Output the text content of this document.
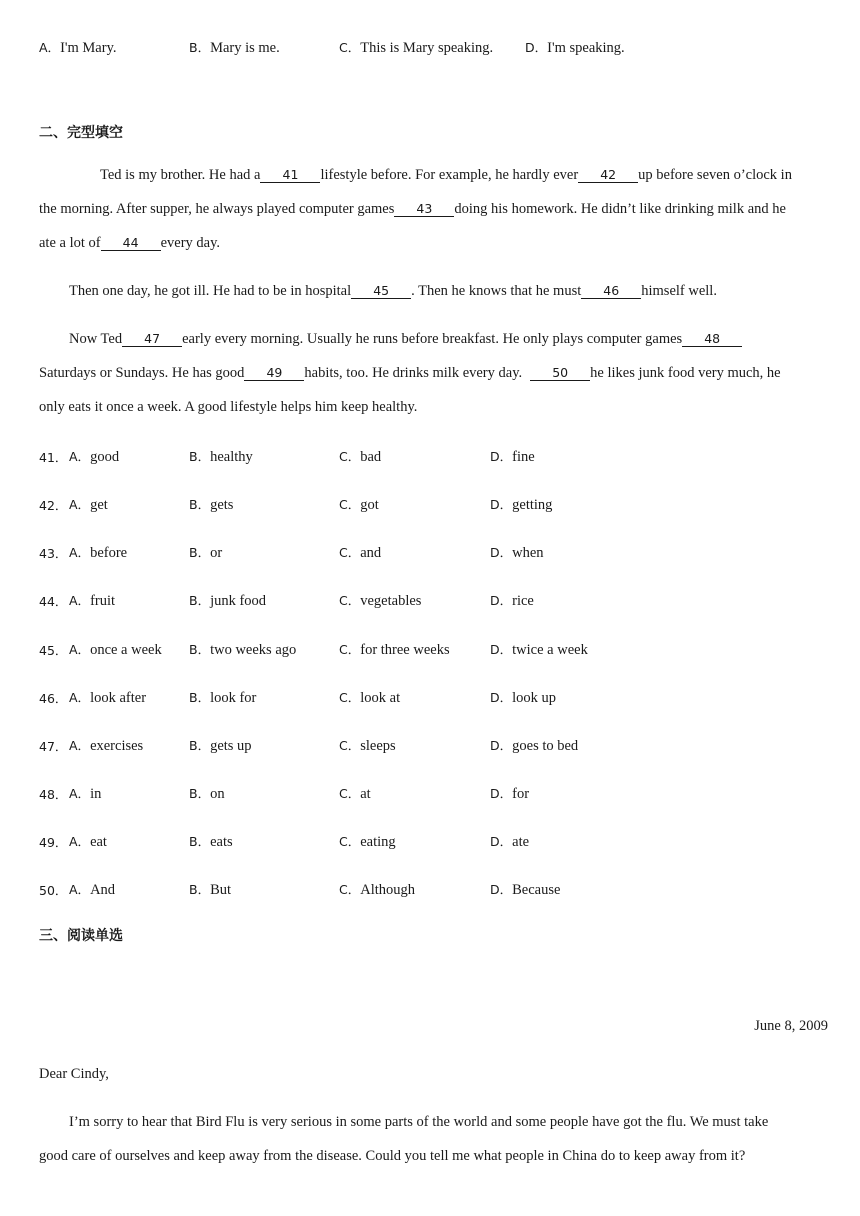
A．I'm Mary.	B．Mary is me.	C．This is Mary speaking.	D．I'm speaking.
二、完型填空
Ted is my brother. He had a 41 lifestyle before. For example, he hardly ever 42 up before seven o’clock in
the morning. After supper, he always played computer games 43 doing his homework. He didn’t like drinking milk and he
ate a lot of 44 every day.
Then one day, he got ill. He had to be in hospital 45 . Then he knows that he must 46 himself well.
Now Ted 47 early every morning. Usually he runs before breakfast. He only plays computer games 48
Saturdays or Sundays. He has good 49 habits, too. He drinks milk every day. 50 he likes junk food very much, he
only eats it once a week. A good lifestyle helps him keep healthy.
41． A．good	B．healthy	C．bad	D．fine
42． A．get	B．gets	C．got	D．getting
43． A．before	B．or	C．and	D．when
44． A．fruit	B．junk food	C．vegetables	D．rice
45． A．once a week B．two weeks ago	C．for three weeks	D．twice a week
46． A．look after	B．look for	C．look at	D．look up
47． A．exercises	B．gets up	C．sleeps	D．goes to bed
48． A．in	B．on	C．at	D．for
49． A．eat	B．eats	C．eating	D．ate
50． A．And	B．But	C．Although	D．Because
三、阅读单选
June 8, 2009
Dear Cindy,
I’m sorry to hear that Bird Flu is very serious in some parts of the world and some people have got the flu. We must take
good care of ourselves and keep away from the disease. Could you tell me what people in China do to keep away from it?
